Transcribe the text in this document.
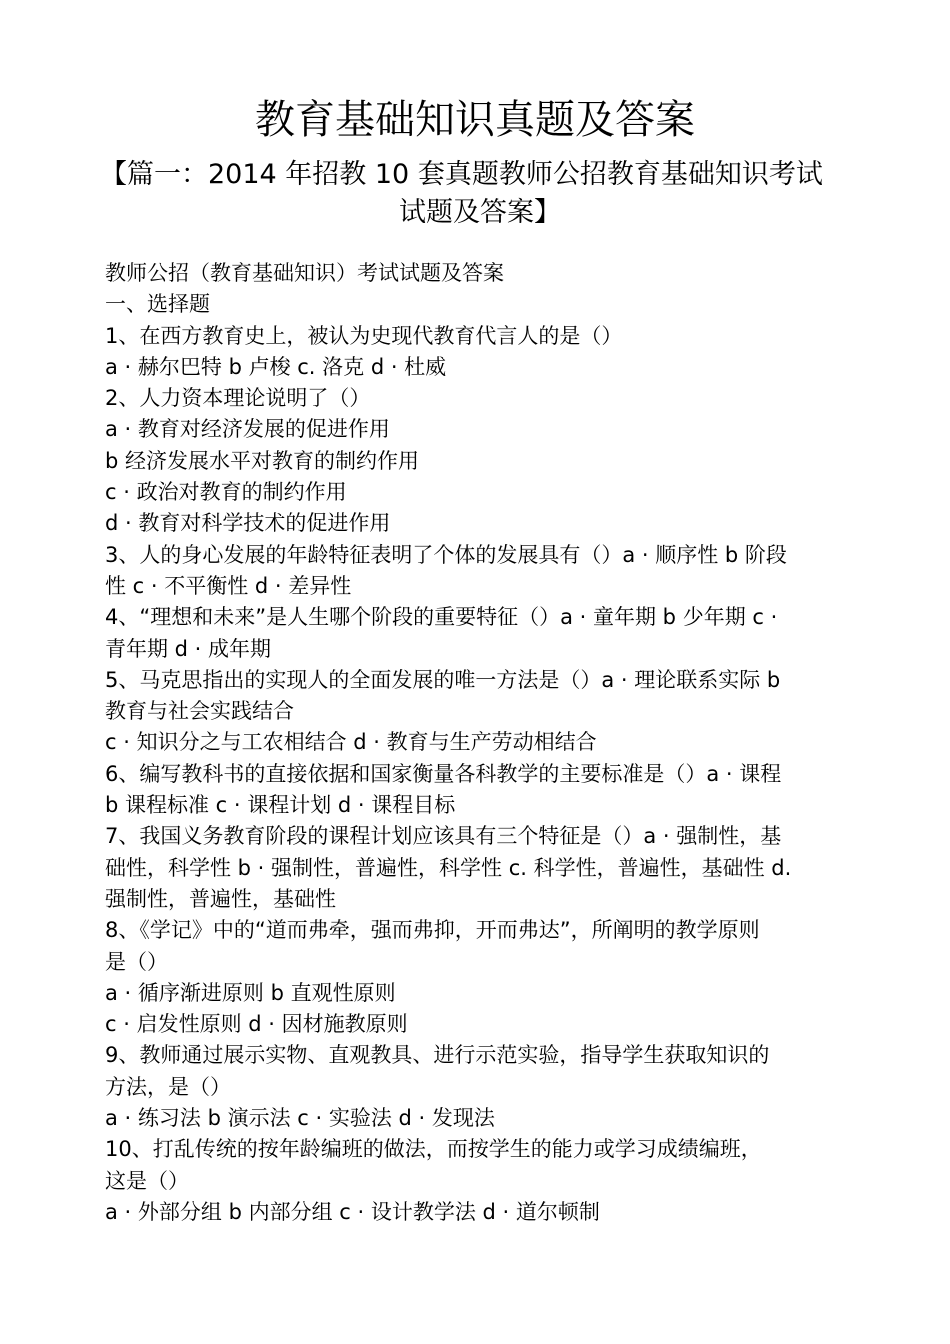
教育基础知识真题及答案
【篇一：2014 年招教 10 套真题教师公招教育基础知识考试
试题及答案】
教师公招（教育基础知识）考试试题及答案
一、选择题
1、在西方教育史上，被认为史现代教育代言人的是（）
a · 赫尔巴特 b 卢梭 c. 洛克 d · 杜威
2、人力资本理论说明了（）
a · 教育对经济发展的促进作用
b 经济发展水平对教育的制约作用
c · 政治对教育的制约作用
d · 教育对科学技术的促进作用
3、人的身心发展的年龄特征表明了个体的发展具有（）a · 顺序性 b 阶段
性 c · 不平衡性 d · 差异性
4、“理想和未来”是人生哪个阶段的重要特征（）a · 童年期 b 少年期 c ·
青年期 d · 成年期
5、马克思指出的实现人的全面发展的唯一方法是（）a · 理论联系实际 b
教育与社会实践结合
c · 知识分之与工农相结合 d · 教育与生产劳动相结合
6、编写教科书的直接依据和国家衡量各科教学的主要标准是（）a · 课程
b 课程标准 c · 课程计划 d · 课程目标
7、我国义务教育阶段的课程计划应该具有三个特征是（）a · 强制性，基
础性，科学性 b · 强制性，普遍性，科学性 c. 科学性，普遍性，基础性 d.
强制性，普遍性，基础性
8、《学记》中的“道而弗牵，强而弗抑，开而弗达”，所阐明的教学原则
是（）
a · 循序渐进原则 b 直观性原则
c · 启发性原则 d · 因材施教原则
9、教师通过展示实物、直观教具、进行示范实验，指导学生获取知识的
方法，是（）
a · 练习法 b 演示法 c · 实验法 d · 发现法
10、打乱传统的按年龄编班的做法，而按学生的能力或学习成绩编班，
这是（）
a · 外部分组 b 内部分组 c · 设计教学法 d · 道尔顿制
